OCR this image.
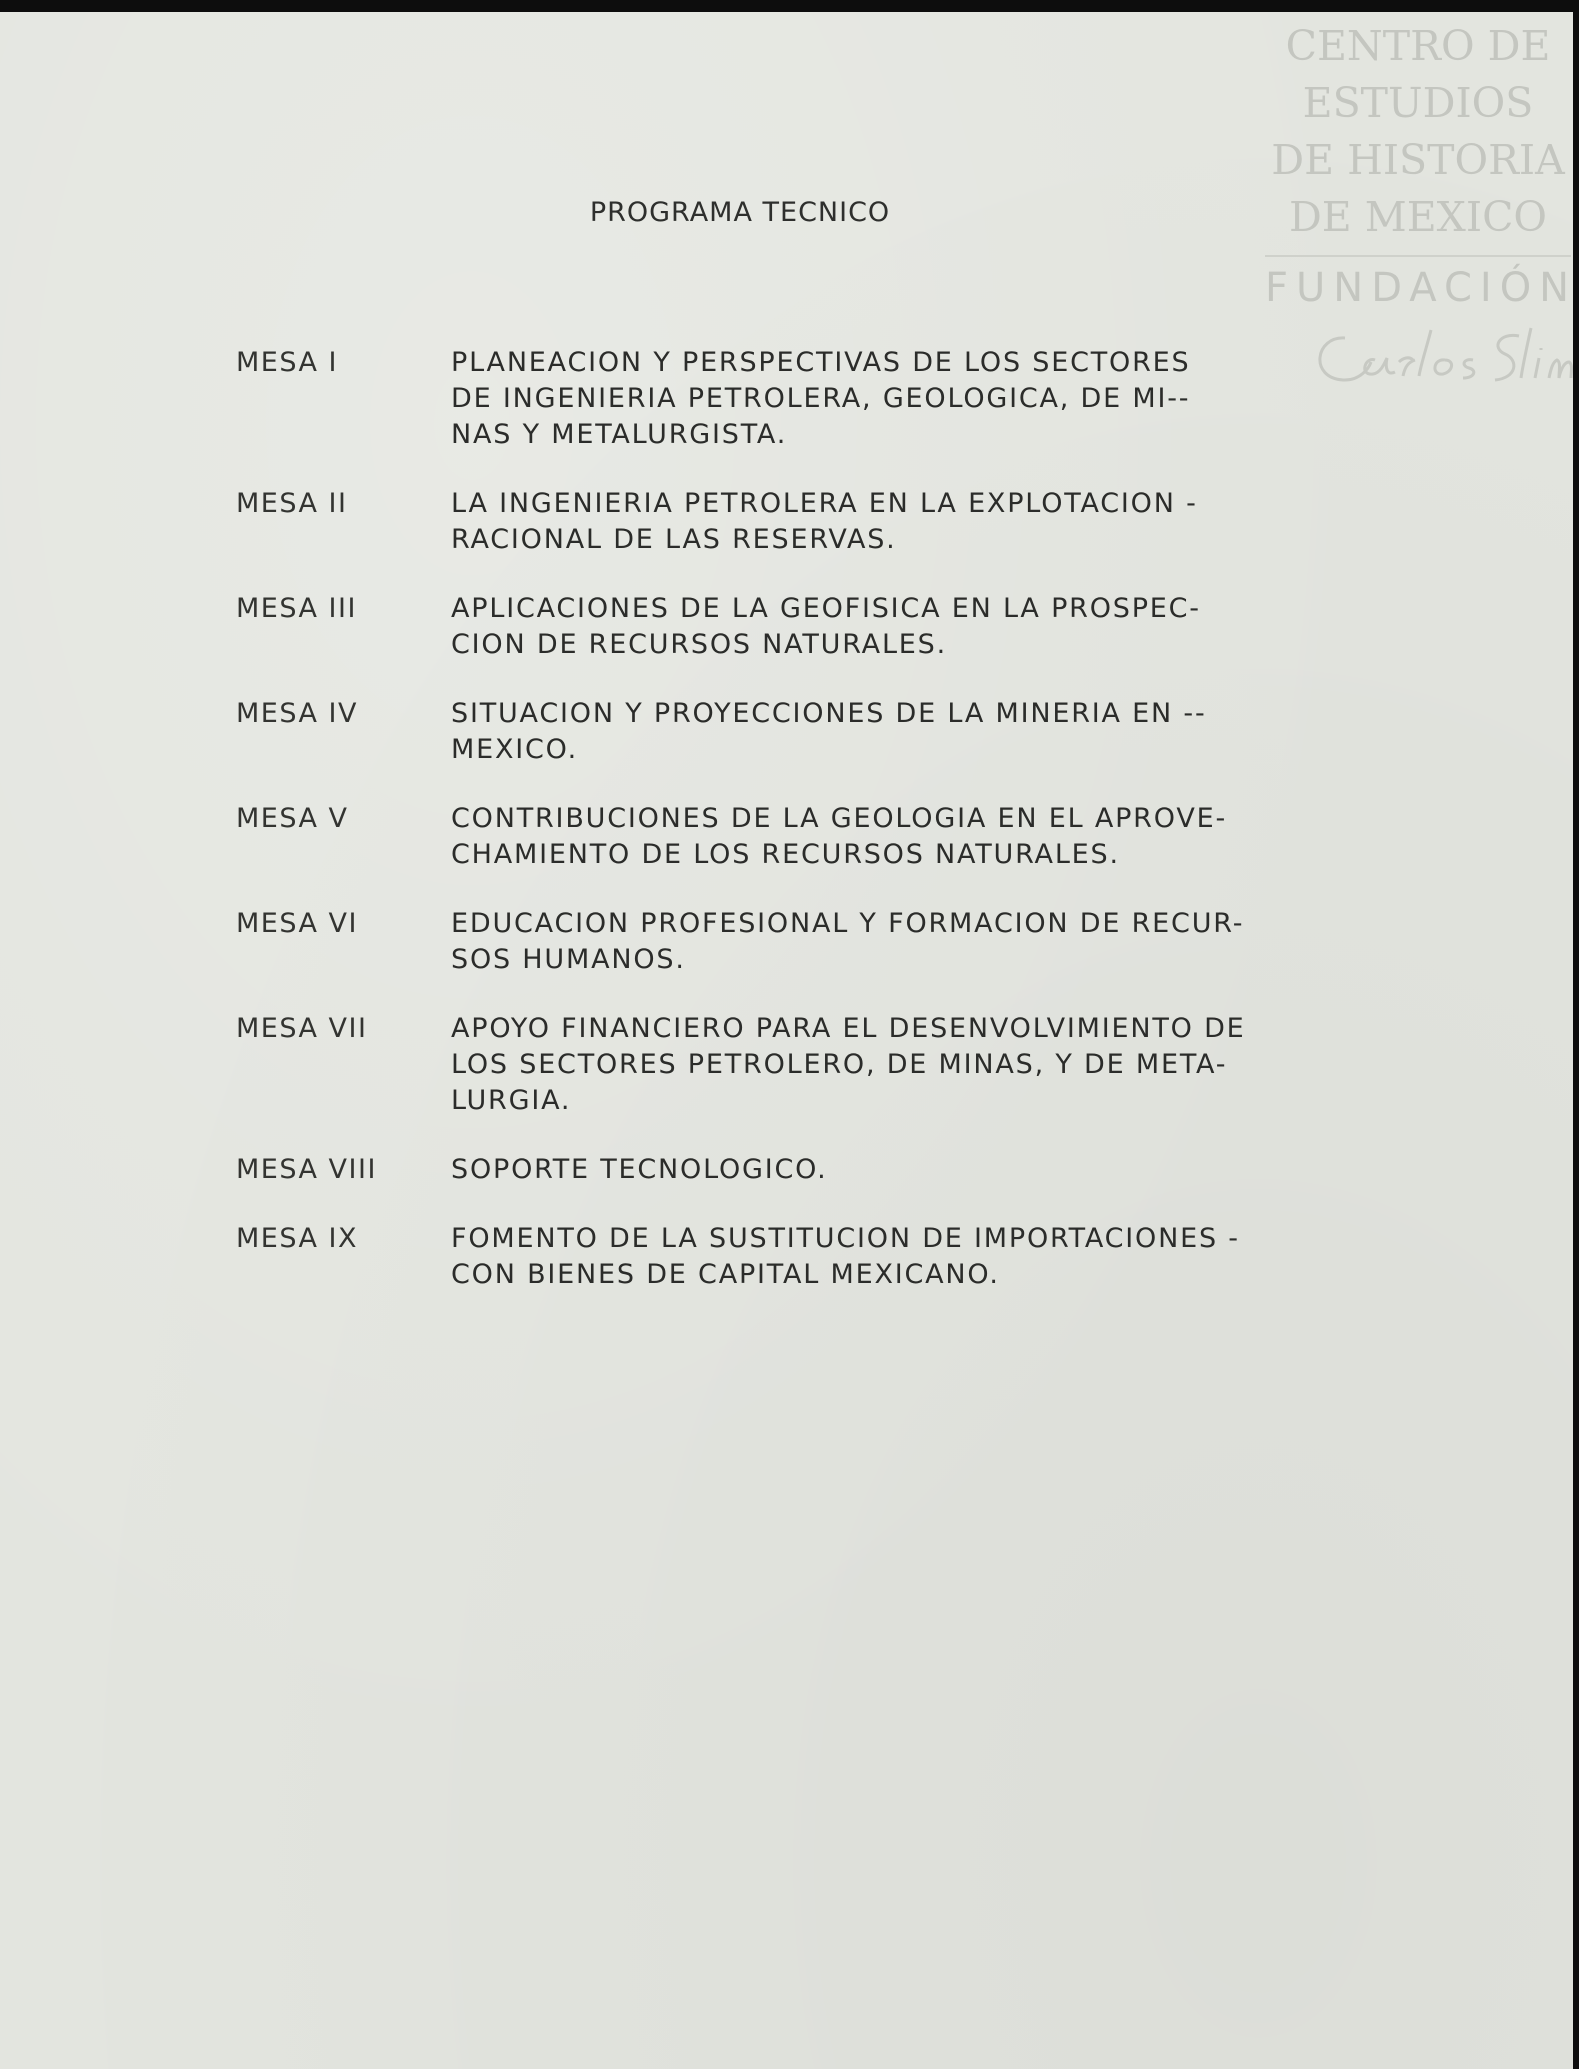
CENTRO DE
ESTUDIOS
DE HISTORIA
DE MEXICO
FUNDACIÓN
PROGRAMA TECNICO
MESA I	PLANEACION Y PERSPECTIVAS DE LOS SECTORES
DE INGENIERIA PETROLERA, GEOLOGICA, DE MI--
NAS Y METALURGISTA.
MESA II	LA INGENIERIA PETROLERA EN LA EXPLOTACION -
RACIONAL DE LAS RESERVAS.
MESA III	APLICACIONES DE LA GEOFISICA EN LA PROSPEC-
CION DE RECURSOS NATURALES.
MESA IV	SITUACION Y PROYECCIONES DE LA MINERIA EN --
MEXICO.
MESA V	CONTRIBUCIONES DE LA GEOLOGIA EN EL APROVE-
CHAMIENTO DE LOS RECURSOS NATURALES.
MESA VI	EDUCACION PROFESIONAL Y FORMACION DE RECUR-
SOS HUMANOS.
MESA VII	APOYO FINANCIERO PARA EL DESENVOLVIMIENTO DE
LOS SECTORES PETROLERO, DE MINAS, Y DE META-
LURGIA.
MESA VIII	SOPORTE TECNOLOGICO.
MESA IX	FOMENTO DE LA SUSTITUCION DE IMPORTACIONES -
CON BIENES DE CAPITAL MEXICANO.
